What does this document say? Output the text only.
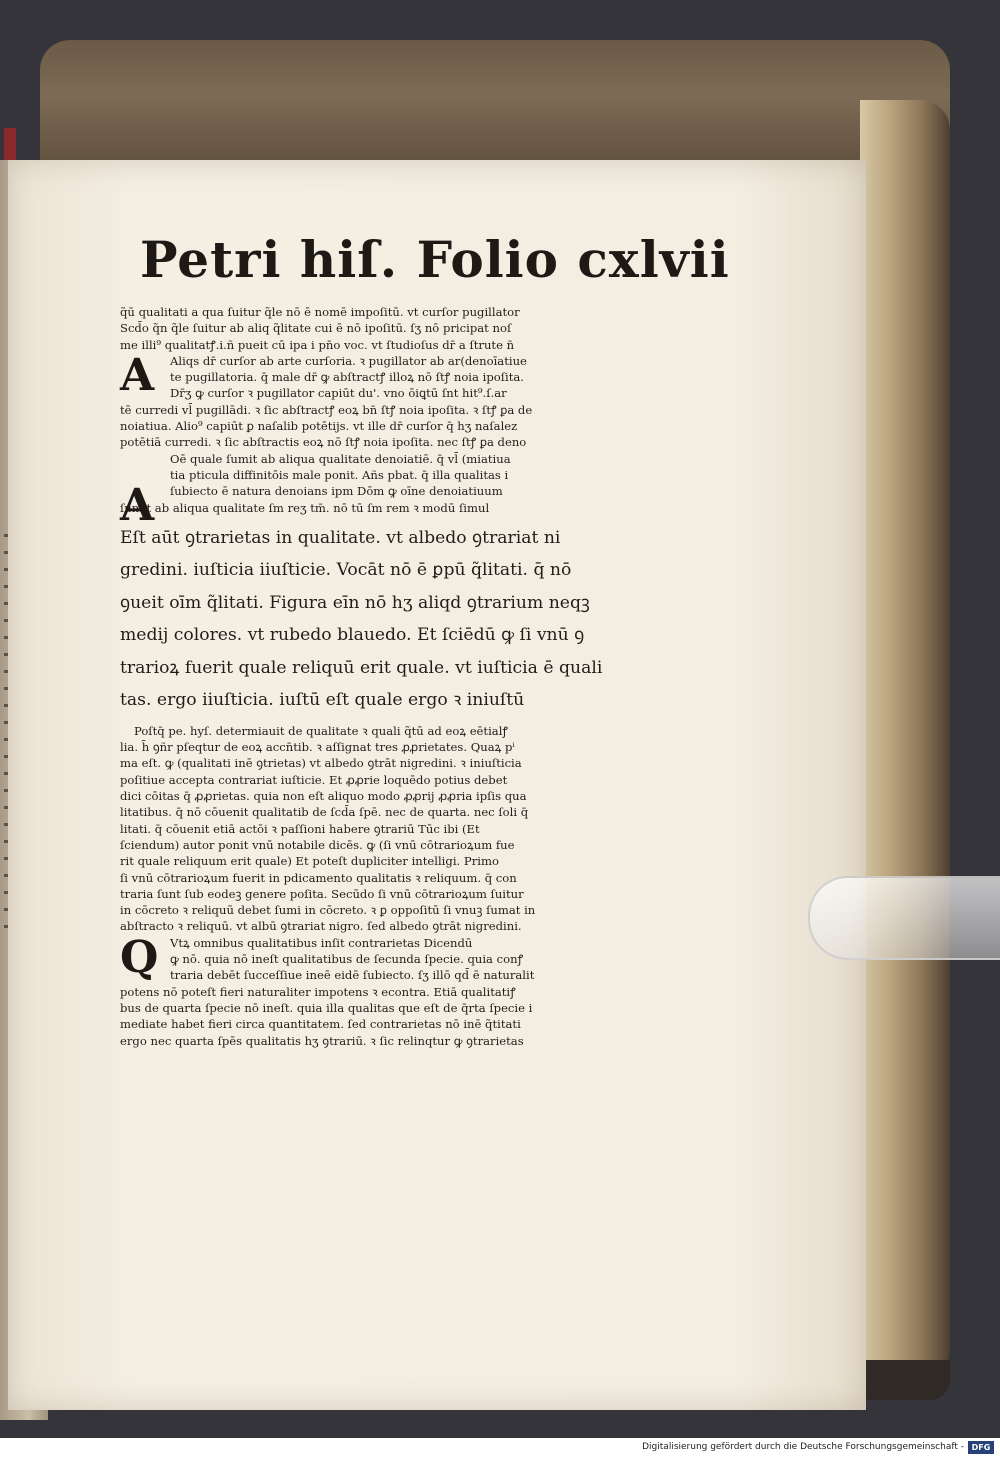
Petri hiſ. Folio cxlvii
A
A
q̃ū qualitati a qua ſuitur q̃le nō ē nomē impoſitū. vt curſor pugillator
Scd̄o q̃n q̃le ſuitur ab aliq q̃litate cui ē nō ipoſitū. ſʒ nō pricipat noſ
me illi⁹ qualitatꝭ.i.ñ pueit cū ipa i pn̄o voc. vt ſtudioſus dr̄ a ſtrute n̄
Aliqs dr̄ curſor ab arte curſoria. ꝛ pugillator ab ar(denoīatiue
te pugillatoria. q̄ male dr̄ ꝙ abſtractꝭ illoꝝ nō ſtꝭ noia ipoſita.
Dr̄ʒ ꝙ curſor ꝛ pugillator capiūt du'. vno ōiꝗtū ſnt hit⁹.ſ.ar
tē curredi vl̄ pugillādi. ꝛ ſic abſtractꝭ eoꝝ bn̄ ſtꝭ noia ipoſita. ꝛ ſtꝭ ꝑa de
noiatiua. Alio⁹ capiūt ꝑ naſalib potētijs. vt ille dr̄ curſor q̄ hʒ naſalez
potētiā curredi. ꝛ ſic abſtractis eoꝝ nō ſtꝭ noia ipoſita. nec ſtꝭ ꝑa deno
Oē quale ſumit ab aliqua qualitate denoiatiē. q̄ vl̄ (miatiua
tia pticula diffinitōis male ponit. Añs pbat. q̄ illa qualitas i
ſubiecto ē natura denoians ipm Dōm ꝙ oīne denoiatiuum
ſumit ab aliqua qualitate ſm reʒ tm̄. nō tū ſm rem ꝛ modū ſimul
Eſt aūt ꝯtrarietas in qualitate. vt albedo ꝯtrariat ni
gredini. iuſticia iiuſticie. Vocāt nō ē ꝑpū q̃litati. q̄ nō
ꝯueit oīm q̃litati. Figura eīn nō hʒ aliqd ꝯtrarium neqꝫ
medij colores. vt rubedo blauedo. Et ſciēdū ꝙ ſi vnū ꝯ
trarioꝝ fuerit quale reliquū erit quale. vt iuſticia ē quali
tas. ergo iiuſticia. iuſtū eſt quale ergo ꝛ iniuſtū
Q
Poſtq̄ pe. hyſ. determiauit de qualitate ꝛ quali q̃tū ad eoꝝ eētialꝭ
lia. h̄ ꝯñr pſeqtur de eoꝝ accn̄tib. ꝛ aſſignat tres ꝓꝓrietates. Quaꝝ pⁱ
ma eſt. ꝙ (qualitati inē ꝯtrietas) vt albedo ꝯtrāt nigredini. ꝛ iniuſticia
poſitiue accepta contrariat iuſticie. Et ꝓꝓrie loquēdo potius debet
dici cōitas q̄ ꝓꝓrietas. quia non eſt aliquo modo ꝓꝓrij ꝓꝓria ipſis qua
litatibus. q̄ nō cōuenit qualitatib de ſcd̄a ſpē. nec de quarta. nec ſoli q̄
litati. q̄ cōuenit etiā actōi ꝛ paſſioni habere ꝯtrariū Tūc ibi (Et
ſciendum) autor ponit vnū notabile dicēs. ꝙ (ſi vnū cōtrarioꝝum fue
rit quale reliquum erit quale) Et poteſt dupliciter intelligi. Primo
ſi vnū cōtrarioꝝum fuerit in pdicamento qualitatis ꝛ reliquum. q̄ con
traria ſunt ſub eodeꝫ genere poſita. Secūdo ſi vnū cōtrarioꝝum ſuitur
in cōcreto ꝛ reliquū debet ſumi in cōcreto. ꝛ ꝑ oppoſitū ſi vnuꝫ ſumat in
abſtracto ꝛ reliquū. vt albū ꝯtrariat nigro. ſed albedo ꝯtrāt nigredini.
Vtꝝ omnibus qualitatibus inſit contrarietas Dicendū
ꝙ nō. quia nō ineſt qualitatibus de ſecunda ſpecie. quia conꝭ
traria debēt ſucceſſiue ineē eidē ſubiecto. ſʒ illō qd̄ ē naturalit
potens nō poteſt fieri naturaliter impotens ꝛ econtra. Etiā qualitatiꝭ
bus de quarta ſpecie nō ineſt. quia illa qualitas que eſt de q̄rta ſpecie i
mediate habet fieri circa quantitatem. ſed contrarietas nō inē q̃titati
ergo nec quarta ſpēs qualitatis hʒ ꝯtrariū. ꝛ ſic relinqtur ꝙ ꝯtrarietas
Digitalisierung gefördert durch die Deutsche Forschungsgemeinschaft - DFG
